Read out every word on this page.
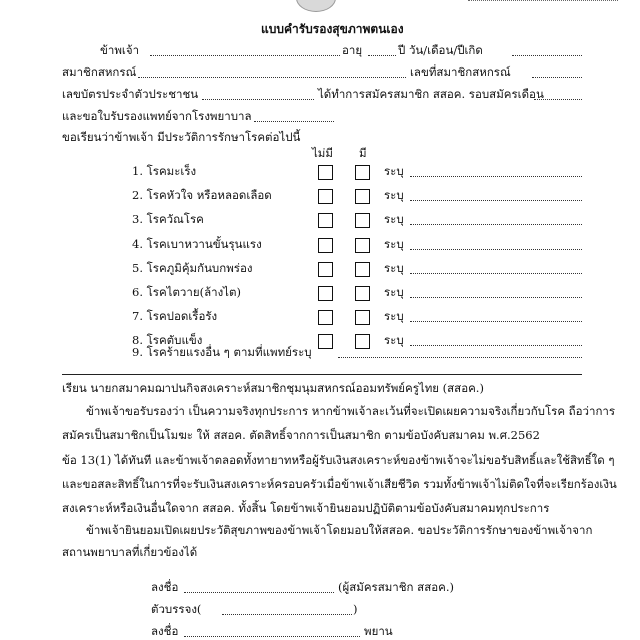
แบบคำรับรองสุขภาพตนเอง
ข้าพเจ้า	อายุ	ปี วัน/เดือน/ปีเกิด
สมาชิกสหกรณ์	เลขที่สมาชิกสหกรณ์
เลขบัตรประจำตัวประชาชน	ได้ทำการสมัครสมาชิก สสอค. รอบสมัครเดือน
และขอใบรับรองแพทย์จากโรงพยาบาล
ขอเรียนว่าข้าพเจ้า มีประวัติการรักษาโรคต่อไปนี้
ไม่มี มี
1. โรคมะเร็ง	ระบุ
2. โรคหัวใจ หรือหลอดเลือด	ระบุ
3. โรควัณโรค	ระบุ
4. โรคเบาหวานขั้นรุนแรง	ระบุ
5. โรคภูมิคุ้มกันบกพร่อง	ระบุ
6. โรคไตวาย(ล้างไต)	ระบุ
7. โรคปอดเรื้อรัง	ระบุ
8. โรคตับแข็ง	ระบุ
9. โรคร้ายแรงอื่น ๆ ตามที่แพทย์ระบุ
เรียน นายกสมาคมฌาปนกิจสงเคราะห์สมาชิกชุมนุมสหกรณ์ออมทรัพย์ครูไทย (สสอค.)
ข้าพเจ้าขอรับรองว่า เป็นความจริงทุกประการ หากข้าพเจ้าละเว้นที่จะเปิดเผยความจริงเกี่ยวกับโรค ถือว่าการ
สมัครเป็นสมาชิกเป็นโมฆะ ให้ สสอค. ตัดสิทธิ์จากการเป็นสมาชิก ตามข้อบังคับสมาคม พ.ศ.2562
ข้อ 13(1) ได้ทันที และข้าพเจ้าตลอดทั้งทายาทหรือผู้รับเงินสงเคราะห์ของข้าพเจ้าจะไม่ขอรับสิทธิ์และใช้สิทธิ์ใด ๆ
และขอสละสิทธิ์ในการที่จะรับเงินสงเคราะห์ครอบครัวเมื่อข้าพเจ้าเสียชีวิต รวมทั้งข้าพเจ้าไม่ติดใจที่จะเรียกร้องเงิน
สงเคราะห์หรือเงินอื่นใดจาก สสอค. ทั้งสิ้น โดยข้าพเจ้ายินยอมปฏิบัติตามข้อบังคับสมาคมทุกประการ
ข้าพเจ้ายินยอมเปิดเผยประวัติสุขภาพของข้าพเจ้าโดยมอบให้สสอค. ขอประวัติการรักษาของข้าพเจ้าจาก
สถานพยาบาลที่เกี่ยวข้องได้
ลงชื่อ	(ผู้สมัครสมาชิก สสอค.)
ตัวบรรจง(	)
ลงชื่อ	พยาน
